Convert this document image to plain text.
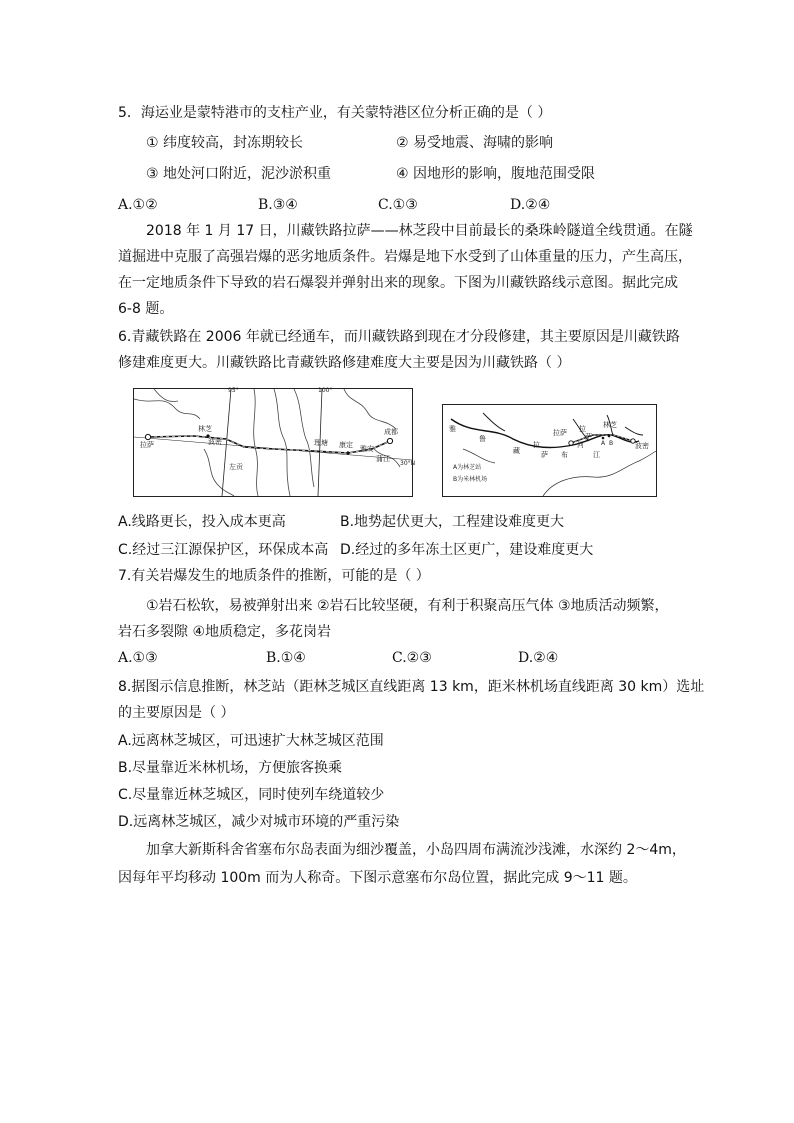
5．海运业是蒙特港市的支柱产业，有关蒙特港区位分析正确的是（ ）
① 纬度较高，封冻期较长	② 易受地震、海啸的影响
③ 地处河口附近，泥沙淤积重	④ 因地形的影响，腹地范围受限
A.①②	B.③④	C.①③	D.②④
2018 年 1 月 17 日，川藏铁路拉萨——林芝段中目前最长的桑珠岭隧道全线贯通。在隧
道掘进中克服了高强岩爆的恶劣地质条件。岩爆是地下水受到了山体重量的压力，产生高压，
在一定地质条件下导致的岩石爆裂并弹射出来的现象。下图为川藏铁路线示意图。据此完成
6-8 题。
6.青藏铁路在 2006 年就已经通车，而川藏铁路到现在才分段修建，其主要原因是川藏铁路
修建难度更大。川藏铁路比青藏铁路修建难度大主要是因为川藏铁路（ ）
95°	100°
30°N
拉萨
林芝
波密
左贡
理塘 康定 雅安
成都
蒲江
雅
鲁
藏	布	江
拉
萨
河
拉
萨
拉萨
林芝
波密
A B
A为林芝站
B为米林机场
A.线路更长，投入成本更高	B.地势起伏更大，工程建设难度更大
C.经过三江源保护区，环保成本高 D.经过的多年冻土区更广，建设难度更大
7.有关岩爆发生的地质条件的推断，可能的是（ ）
①岩石松软，易被弹射出来 ②岩石比较坚硬，有利于积聚高压气体 ③地质活动频繁，
岩石多裂隙 ④地质稳定，多花岗岩
A.①③	B.①④	C.②③	D.②④
8.据图示信息推断，林芝站（距林芝城区直线距离 13 km，距米林机场直线距离 30 km）选址
的主要原因是（ ）
A.远离林芝城区，可迅速扩大林芝城区范围
B.尽量靠近米林机场，方便旅客换乘
C.尽量靠近林芝城区，同时使列车绕道较少
D.远离林芝城区，减少对城市环境的严重污染
加拿大新斯科舍省塞布尔岛表面为细沙覆盖，小岛四周布满流沙浅滩，水深约 2～4m，
因每年平均移动 100m 而为人称奇。下图示意塞布尔岛位置，据此完成 9～11 题。
